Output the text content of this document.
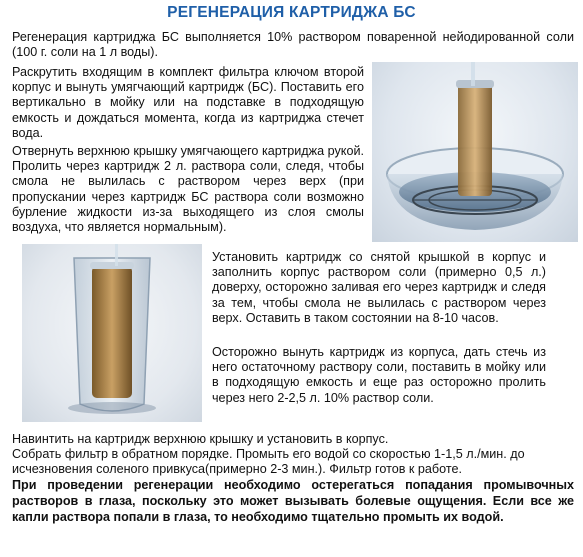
РЕГЕНЕРАЦИЯ КАРТРИДЖА БС

Регенерация картриджа БС выполняется 10% раствором поваренной нейодированной соли (100 г. соли на 1 л воды).

Раскрутить входящим в комплект фильтра ключом второй корпус и вынуть умягчающий картридж (БС). Поставить его вертикально в мойку или на подставке в подходящую емкость и дождаться момента, когда из картриджа стечет вода.

Отвернуть верхнюю крышку умягчающего картриджа рукой. Пролить через картридж 2 л. раствора соли, следя, чтобы смола не вылилась с раствором через верх (при пропускании через картридж БС раствора соли возможно бурление жидкости из-за выходящего из слоя смолы воздуха, что является нормальным).

Установить картридж со снятой крышкой в корпус и заполнить корпус раствором соли (примерно 0,5 л.) доверху, осторожно заливая его через картридж и следя за тем, чтобы смола не вылилась с раствором через верх. Оставить в таком состоянии на 8-10 часов.

Осторожно вынуть картридж из корпуса, дать стечь из него остаточному раствору соли, поставить в мойку или в подходящую емкость и еще раз осторожно пролить через него 2-2,5 л. 10% раствор соли.

Навинтить на картридж верхнюю крышку и установить в корпус.
Собрать фильтр в обратном порядке. Промыть его водой со скоростью 1-1,5 л./мин. до исчезновения соленого привкуса(примерно 2-3 мин.). Фильтр готов к работе.

При проведении регенерации необходимо остерегаться попадания промывочных растворов в глаза, поскольку это может вызывать болевые ощущения. Если все же капли раствора попали в глаза, то необходимо тщательно промыть их водой.
